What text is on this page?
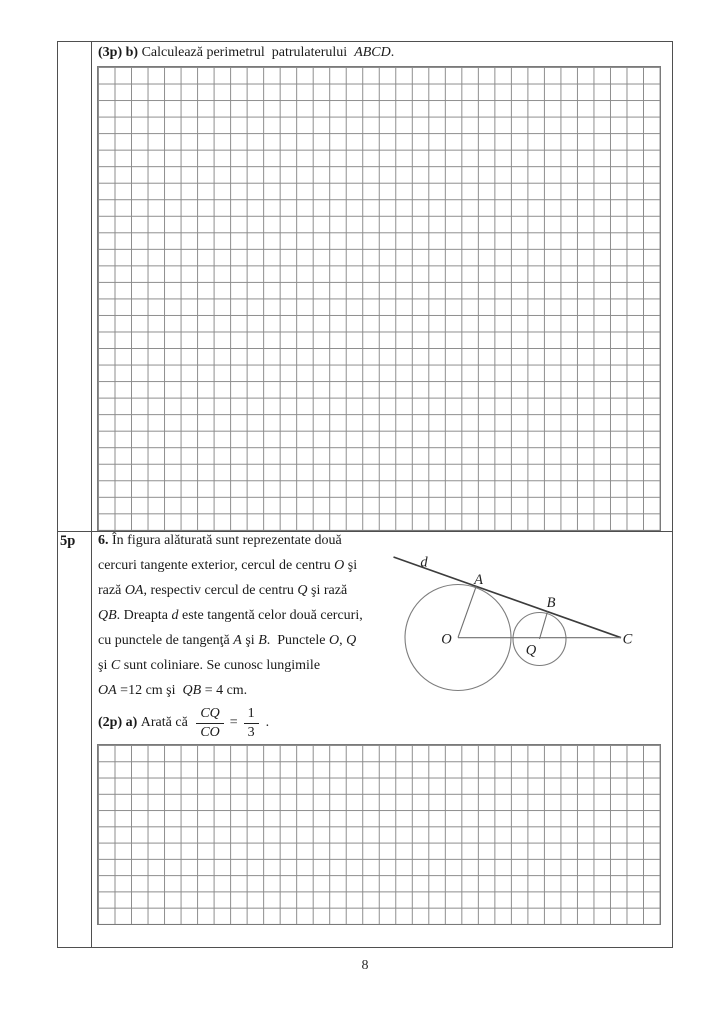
(3p) b) Calculează perimetrul  patrulaterului  ABCD.
5p 6. În figura alăturată sunt reprezentate două
cercuri tangente exterior, cercul de centru O şi
rază OA, respectiv cercul de centru Q şi rază
QB. Dreapta d este tangentă celor două cercuri,
cu punctele de tangenţă A şi B.  Punctele O, Q
şi C sunt coliniare. Se cunosc lungimile
OA =12 cm şi  QB = 4 cm.
d
A
B
O
Q
C
(2p) a) Arată că $\frac{CQ}{CO} = \frac{1}{3}$ .
8
